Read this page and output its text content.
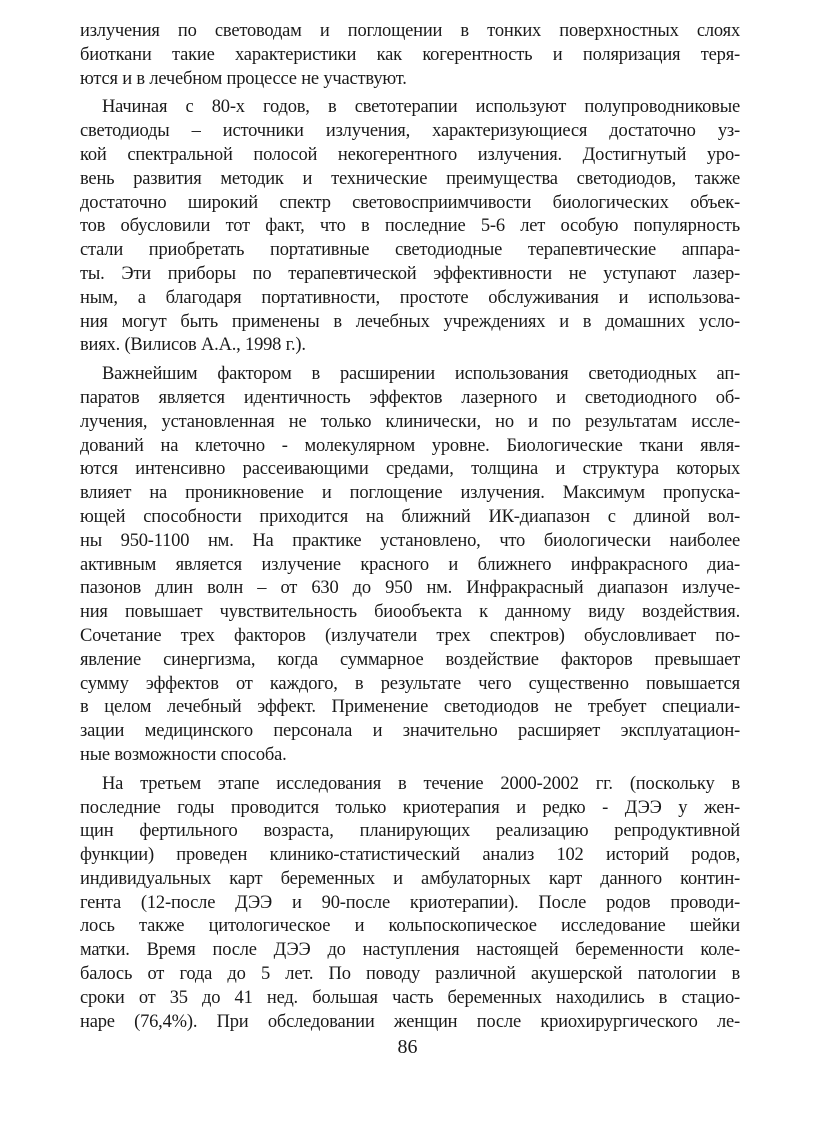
излучения по световодам и поглощении в тонких поверхностных слоях
биоткани такие характеристики как когерентность и поляризация теря-
ются и в лечебном процессе не участвуют.
Начиная с 80-х годов, в светотерапии используют полупроводниковые
светодиоды – источники излучения, характеризующиеся достаточно уз-
кой спектральной полосой некогерентного излучения. Достигнутый уро-
вень развития методик и технические преимущества светодиодов, также
достаточно широкий спектр световосприимчивости биологических объек-
тов обусловили тот факт, что в последние 5-6 лет особую популярность
стали приобретать портативные светодиодные терапевтические аппара-
ты. Эти приборы по терапевтической эффективности не уступают лазер-
ным, а благодаря портативности, простоте обслуживания и использова-
ния могут быть применены в лечебных учреждениях и в домашних усло-
виях. (Вилисов А.А., 1998 г.).
Важнейшим фактором в расширении использования светодиодных ап-
паратов является идентичность эффектов лазерного и светодиодного об-
лучения, установленная не только клинически, но и по результатам иссле-
дований на клеточно - молекулярном уровне. Биологические ткани явля-
ются интенсивно рассеивающими средами, толщина и структура которых
влияет на проникновение и поглощение излучения. Максимум пропуска-
ющей способности приходится на ближний ИК-диапазон с длиной вол-
ны 950-1100 нм. На практике установлено, что биологически наиболее
активным является излучение красного и ближнего инфракрасного диа-
пазонов длин волн – от 630 до 950 нм. Инфракрасный диапазон излуче-
ния повышает чувствительность биообъекта к данному виду воздействия.
Сочетание трех факторов (излучатели трех спектров) обусловливает по-
явление синергизма, когда суммарное воздействие факторов превышает
сумму эффектов от каждого, в результате чего существенно повышается
в целом лечебный эффект. Применение светодиодов не требует специали-
зации медицинского персонала и значительно расширяет эксплуатацион-
ные возможности способа.
На третьем этапе исследования в течение 2000-2002 гг. (поскольку в
последние годы проводится только криотерапия и редко - ДЭЭ у жен-
щин фертильного возраста, планирующих реализацию репродуктивной
функции) проведен клинико-статистический анализ 102 историй родов,
индивидуальных карт беременных и амбулаторных карт данного контин-
гента (12-после ДЭЭ и 90-после криотерапии). После родов проводи-
лось также цитологическое и кольпоскопическое исследование шейки
матки. Время после ДЭЭ до наступления настоящей беременности коле-
балось от года до 5 лет. По поводу различной акушерской патологии в
сроки от 35 до 41 нед. большая часть беременных находились в стацио-
наре (76,4%). При обследовании женщин после криохирургического ле-
86
